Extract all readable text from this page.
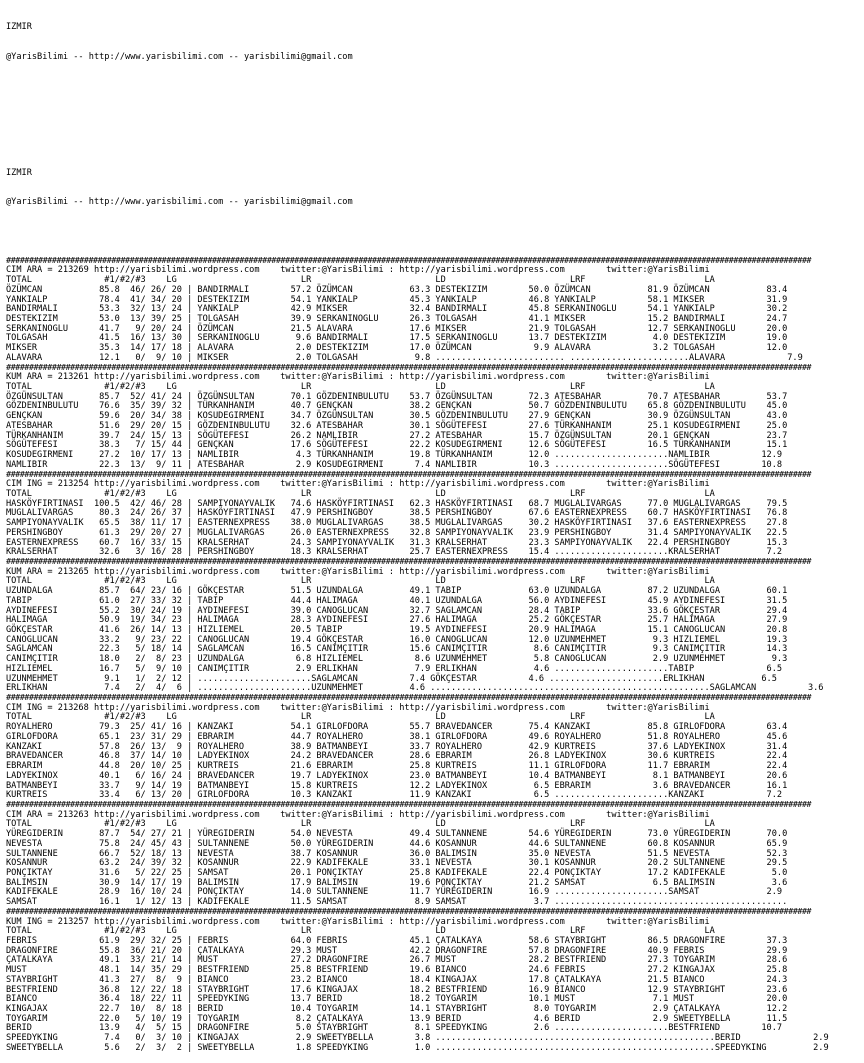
IZMIR

@YarisBilimi -- http://www.yarisbilimi.com -- yarisbilimi@gmail.com

IZMIR

@YarisBilimi -- http://www.yarisbilimi.com -- yarisbilimi@gmail.com

################################################################################################################################################################################
CIM ARA = 213269 http://yarisbilimi.wordpress.com    twitter:@YarisBilimi : http://yarisbilimi.wordpress.com        twitter:@YarisBilimi
TOTAL              #1/#2/#3    LG                        LR                        LD                        LRF                       LA
ÖZÜMCAN           85.8  46/ 26/ 20 | BANDIRMALI        57.2 ÖZÜMCAN           63.3 DESTEKIZIM        50.0 ÖZÜMCAN           81.9 ÖZÜMCAN           83.4
YANKIALP          78.4  41/ 34/ 20 | DESTEKIZIM        54.1 YANKIALP          45.3 YANKIALP          46.8 YANKIALP          58.1 MIKSER            31.9
BANDIRMALI        53.3  32/ 13/ 24 | YANKIALP          42.9 MIKSER            32.4 BANDIRMALI        45.8 SERKANINOGLU      54.1 YANKIALP          30.2
DESTEKIZIM        53.0  13/ 39/ 25 | TOLGASAH          39.9 SERKANINOGLU      26.3 TOLGASAH          41.1 MIKSER            15.2 BANDIRMALI        24.7
SERKANINOGLU      41.7   9/ 20/ 24 | ÖZÜMCAN           21.5 ALAVARA           17.6 MIKSER            21.9 TOLGASAH          12.7 SERKANINOGLU      20.0
TOLGASAH          41.5  16/ 13/ 30 | SERKANINOGLU       9.6 BANDIRMALI        17.5 SERKANINOGLU      13.7 DESTEKIZIM         4.0 DESTEKIZIM        19.0
MIKSER            35.3  14/ 17/ 18 | ALAVARA            2.0 DESTEKIZIM        17.0 ÖZÜMCAN            9.9 ALAVARA            3.2 TOLGASAH          12.0
ALAVARA           12.1   0/  9/ 10 | MIKSER             2.0 TOLGASAH           9.8 ......................... .......................ALAVARA            7.9
################################################################################################################################################################################
KUM ARA = 213261 http://yarisbilimi.wordpress.com    twitter:@YarisBilimi : http://yarisbilimi.wordpress.com        twitter:@YarisBilimi
TOTAL              #1/#2/#3    LG                        LR                        LD                        LRF                       LA
ÖZGÜNSULTAN       85.7  52/ 41/ 24 | ÖZGÜNSULTAN       70.1 GÖZDENINBULUTU    53.7 ÖZGÜNSULTAN       72.3 ATESBAHAR         70.7 ATESBAHAR         53.7
GÖZDENINBULUTU    76.6  35/ 39/ 32 | TÜRKANHANIM       40.7 GENÇKAN           38.2 GENÇKAN           50.7 GÖZDENINBULUTU    65.8 GÖZDENINBULUTU    45.0
GENÇKAN           59.6  20/ 34/ 38 | KOSUDEGIRMENI     34.7 ÖZGÜNSULTAN       30.5 GÖZDENINBULUTU    27.9 GENÇKAN           30.9 ÖZGÜNSULTAN       43.0
ATESBAHAR         51.6  29/ 20/ 15 | GÖZDENINBULUTU    32.6 ATESBAHAR         30.1 SÖGÜTEFESI        27.6 TÜRKANHANIM       25.1 KOSUDEGIRMENI     25.0
TÜRKANHANIM       39.7  24/ 15/ 13 | SÖGÜTEFESI        26.2 NAMLIBIR          27.2 ATESBAHAR         15.7 ÖZGÜNSULTAN       20.1 GENÇKAN           23.7
SÖGÜTEFESI        38.3   7/ 15/ 44 | GENÇKAN           17.6 SÖGÜTEFESI        22.2 KOSUDEGIRMENI     12.6 SÖGÜTEFESI        16.5 TÜRKANHANIM       15.1
KOSUDEGIRMENI     27.2  10/ 17/ 13 | NAMLIBIR           4.3 TÜRKANHANIM       19.8 TÜRKANHANIM       12.0 ......................NAMLIBIR          12.9
NAMLIBIR          22.3  13/  9/ 11 | ATESBAHAR          2.9 KOSUDEGIRMENI      7.4 NAMLIBIR          10.3 ......................SÖGÜTEFESI        10.8
################################################################################################################################################################################
CIM ING = 213254 http://yarisbilimi.wordpress.com    twitter:@YarisBilimi : http://yarisbilimi.wordpress.com        twitter:@YarisBilimi
TOTAL              #1/#2/#3    LG                        LR                        LD                        LRF                       LA
HASKÖYFIRTINASI  100.5  42/ 46/ 28 | SAMPIYONAYVALIK   74.6 HASKÖYFIRTINASI   62.3 HASKÖYFIRTINASI   68.7 MUGLALIVARGAS     77.0 MUGLALIVARGAS     79.5
MUGLALIVARGAS     80.3  24/ 26/ 37 | HASKÖYFIRTINASI   47.9 PERSHINGBOY       38.5 PERSHINGBOY       67.6 EASTERNEXPRESS    60.7 HASKÖYFIRTINASI   76.8
SAMPIYONAYVALIK   65.5  38/ 11/ 17 | EASTERNEXPRESS    38.0 MUGLALIVARGAS     38.5 MUGLALIVARGAS     30.2 HASKÖYFIRTINASI   37.6 EASTERNEXPRESS    27.8
PERSHINGBOY       61.3  29/ 20/ 27 | MUGLALIVARGAS     26.0 EASTERNEXPRESS    32.8 SAMPIYONAYVALIK   23.9 PERSHINGBOY       31.4 SAMPIYONAYVALIK   22.5
EASTERNEXPRESS    60.7  16/ 33/ 15 | KRALSERHAT        24.3 SAMPIYONAYVALIK   31.3 KRALSERHAT        23.3 SAMPIYONAYVALIK   22.4 PERSHINGBOY       15.3
KRALSERHAT        32.6   3/ 16/ 28 | PERSHINGBOY       18.3 KRALSERHAT        25.7 EASTERNEXPRESS    15.4 ......................KRALSERHAT         7.2
################################################################################################################################################################################
KUM ARA = 213265 http://yarisbilimi.wordpress.com    twitter:@YarisBilimi : http://yarisbilimi.wordpress.com        twitter:@YarisBilimi
TOTAL              #1/#2/#3    LG                        LR                        LD                        LRF                       LA
UZUNDALGA         85.7  64/ 23/ 16 | GÖKÇESTAR         51.5 UZUNDALGA         49.1 TABIP             63.0 UZUNDALGA         87.2 UZUNDALGA         60.1
TABIP             61.0  27/ 33/ 32 | TABIP             44.4 HALIMAGA          40.1 UZUNDALGA         56.0 AYDINEFESI        45.9 AYDINEFESI        31.5
AYDINEFESI        55.2  30/ 24/ 19 | AYDINEFESI        39.0 CANOGLUCAN        32.7 SAGLAMCAN         28.4 TABIP             33.6 GÖKÇESTAR         29.4
HALIMAGA          50.9  19/ 34/ 23 | HALIMAGA          28.3 AYDINEFESI        27.6 HALIMAGA          25.2 GÖKÇESTAR         25.7 HALIMAGA          27.9
GÖKÇESTAR         41.6  26/ 14/ 13 | HIZLIEMEL         20.5 TABIP             19.5 AYDINEFESI        20.9 HALIMAGA          15.1 CANOGLUCAN        20.8
CANOGLUCAN        33.2   9/ 23/ 22 | CANOGLUCAN        19.4 GÖKÇESTAR         16.0 CANOGLUCAN        12.0 UZUNMEHMET         9.3 HIZLIEMEL         19.3
SAGLAMCAN         22.3   5/ 18/ 14 | SAGLAMCAN         16.5 CANIMÇITIR        15.6 CANIMÇITIR         8.6 CANIMÇITIR         9.3 CANIMÇITIR        14.3
CANIMÇITIR        18.0   2/  8/ 23 | UZUNDALGA          6.8 HIZLIEMEL          8.6 UZUNMEHMET         5.8 CANOGLUCAN         2.9 UZUNMEHMET         9.3
HIZLIEMEL         16.7   5/  9/ 10 | CANIMÇITIR         2.9 ERLIKHAN           7.9 ERLIKHAN           4.6 ......................TABIP              6.5
UZUNMEHMET         9.1   1/  2/ 12 | ......................SAGLAMCAN          7.4 GÖKÇESTAR          4.6 ......................ERLIKHAN           6.5
ERLIKHAN           7.4   2/  4/  6 | ......................UZUNMEHMET         4.6 ......................................................SAGLAMCAN          3.6
################################################################################################################################################################################
CIM ING = 213268 http://yarisbilimi.wordpress.com    twitter:@YarisBilimi : http://yarisbilimi.wordpress.com        twitter:@YarisBilimi
TOTAL              #1/#2/#3    LG                        LR                        LD                        LRF                       LA
ROYALHERO         79.3  25/ 41/ 16 | KANZAKI           54.1 GIRLOFDORA        55.7 BRAVEDANCER       75.4 KANZAKI           85.8 GIRLOFDORA        63.4
GIRLOFDORA        65.1  23/ 31/ 29 | EBRARIM           44.7 ROYALHERO         38.1 GIRLOFDORA        49.6 ROYALHERO         51.8 ROYALHERO         45.6
KANZAKI           57.8  26/ 13/  9 | ROYALHERO         38.9 BATMANBEYI        33.7 ROYALHERO         42.9 KURTREIS          37.6 LADYEKINOX        31.4
BRAVEDANCER       46.8  37/ 14/ 10 | LADYEKINOX        24.2 BRAVEDANCER       28.6 EBRARIM           26.8 LADYEKINOX        30.6 KURTREIS          22.4
EBRARIM           44.8  20/ 10/ 25 | KURTREIS          21.6 EBRARIM           25.8 KURTREIS          11.1 GIRLOFDORA        11.7 EBRARIM           22.4
LADYEKINOX        40.1   6/ 16/ 24 | BRAVEDANCER       19.7 LADYEKINOX        23.0 BATMANBEYI        10.4 BATMANBEYI         8.1 BATMANBEYI        20.6
BATMANBEYI        33.7   9/ 14/ 19 | BATMANBEYI        15.8 KURTREIS          12.2 LADYEKINOX         6.5 EBRARIM            3.6 BRAVEDANCER       16.1
KURTREIS          33.4   6/ 13/ 20 | GIRLOFDORA        10.3 KANZAKI           11.9 KANZAKI            6.5 ......................KANZAKI            7.2
################################################################################################################################################################################
CIM ARA = 213263 http://yarisbilimi.wordpress.com    twitter:@YarisBilimi : http://yarisbilimi.wordpress.com        twitter:@YarisBilimi
TOTAL              #1/#2/#3    LG                        LR                        LD                        LRF                       LA
YÜREGIDERIN       87.7  54/ 27/ 21 | YÜREGIDERIN       54.0 NEVESTA           49.4 SULTANNENE        54.6 YÜREGIDERIN       73.0 YÜREGIDERIN       70.0
NEVESTA           75.8  24/ 45/ 43 | SULTANNENE        50.0 YÜREGIDERIN       44.6 KOSANNUR          44.6 SULTANNENE        60.8 KOSANNUR          65.9
SULTANNENE        66.7  52/ 18/ 13 | NEVESTA           38.7 KOSANNUR          36.0 BALIMSIN          35.0 NEVESTA           51.5 NEVESTA           52.3
KOSANNUR          63.2  24/ 39/ 32 | KOSANNUR          22.9 KADIFEKALE        33.1 NEVESTA           30.1 KOSANNUR          20.2 SULTANNENE        29.5
PONÇIKTAY         31.6   5/ 22/ 25 | SAMSAT            20.1 PONÇIKTAY         25.8 KADIFEKALE        22.4 PONÇIKTAY         17.2 KADIFEKALE         5.0
BALIMSIN          30.9  14/ 17/ 19 | BALIMSIN          17.9 BALIMSIN          19.6 PONÇIKTAY         21.2 SAMSAT             6.5 BALIMSIN           3.6
KADIFEKALE        28.9  16/ 10/ 24 | PONÇIKTAY         14.0 SULTANNENE        11.7 YÜREGIDERIN       16.9 ......................SAMSAT             2.9
SAMSAT            16.1   1/ 12/ 13 | KADIFEKALE        11.5 SAMSAT             8.9 SAMSAT             3.7 .............................................
################################################################################################################################################################################
KUM ING = 213257 http://yarisbilimi.wordpress.com    twitter:@YarisBilimi : http://yarisbilimi.wordpress.com        twitter:@YarisBilimi
TOTAL              #1/#2/#3    LG                        LR                        LD                        LRF                       LA
FEBRIS            61.9  29/ 32/ 25 | FEBRIS            64.0 FEBRIS            45.1 ÇATALKAYA         58.6 STAYBRIGHT        86.5 DRAGONFIRE        37.3
DRAGONFIRE        55.8  36/ 21/ 20 | ÇATALKAYA         29.3 MUST              42.2 DRAGONFIRE        57.8 DRAGONFIRE        40.9 FEBRIS            29.9
ÇATALKAYA         49.1  33/ 21/ 14 | MUST              27.2 DRAGONFIRE        26.7 MUST              28.2 BESTFRIEND        27.3 TOYGARIM          28.6
MUST              48.1  14/ 35/ 29 | BESTFRIEND        25.8 BESTFRIEND        19.6 BIANCO            24.6 FEBRIS            27.2 KINGAJAX          25.8
STAYBRIGHT        41.3  27/  8/  9 | BIANCO            23.2 BIANCO            18.4 KINGAJAX          17.8 ÇATALKAYA         21.5 BIANCO            24.3
BESTFRIEND        36.8  12/ 22/ 18 | STAYBRIGHT        17.6 KINGAJAX          18.2 BESTFRIEND        16.9 BIANCO            12.9 STAYBRIGHT        23.6
BIANCO            36.4  18/ 22/ 11 | SPEEDYKING        13.7 BERID             18.2 TOYGARIM          10.1 MUST               7.1 MUST              20.0
KINGAJAX          22.7  10/  8/ 18 | BERID             10.4 TOYGARIM          14.1 STAYBRIGHT         8.0 TOYGARIM           2.9 ÇATALKAYA         12.2
TOYGARIM          22.0   5/ 10/ 19 | TOYGARIM           8.2 ÇATALKAYA         13.9 BERID              4.6 BERID              2.9 SWEETYBELLA       11.5
BERID             13.9   4/  5/ 15 | DRAGONFIRE         5.0 STAYBRIGHT         8.1 SPEEDYKING         2.6 ......................BESTFRIEND        10.7
SPEEDYKING         7.4   0/  3/ 10 | KINGAJAX           2.9 SWEETYBELLA        3.8 ......................................................BERID              2.9
SWEETYBELLA        5.6   2/  3/  2 | SWEETYBELLA        1.8 SPEEDYKING         1.0 ......................................................SPEEDYKING         2.9
